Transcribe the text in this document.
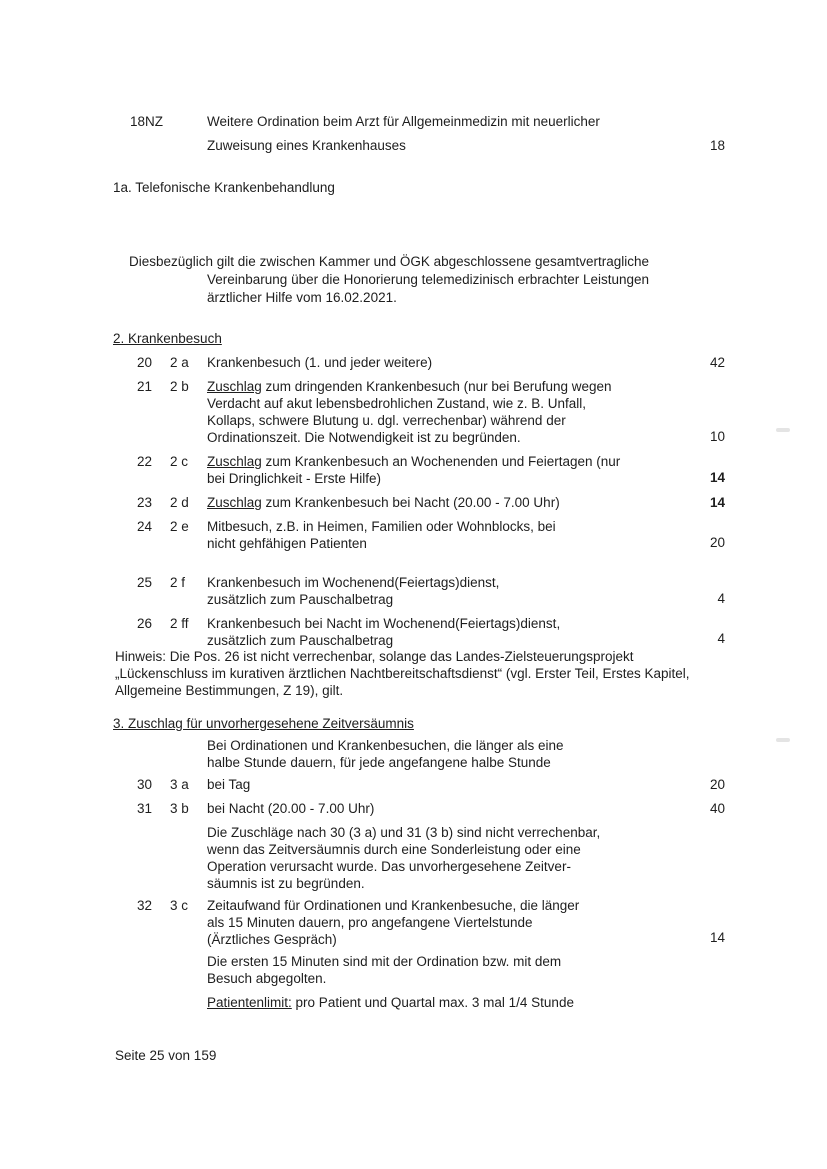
18NZ	Weitere Ordination beim Arzt für Allgemeinmedizin mit neuerlicher
Zuweisung eines Krankenhauses	18
1a. Telefonische Krankenbehandlung
Diesbezüglich gilt die zwischen Kammer und ÖGK abgeschlossene gesamtvertragliche
Vereinbarung über die Honorierung telemedizinisch erbrachter Leistungen
ärztlicher Hilfe vom 16.02.2021.
2. Krankenbesuch
20 2 a Krankenbesuch (1. und jeder weitere)	42
21 2 b Zuschlag zum dringenden Krankenbesuch (nur bei Berufung wegen
Verdacht auf akut lebensbedrohlichen Zustand, wie z. B. Unfall,
Kollaps, schwere Blutung u. dgl. verrechenbar) während der
Ordinationszeit. Die Notwendigkeit ist zu begründen.	10
22 2 c Zuschlag zum Krankenbesuch an Wochenenden und Feiertagen (nur
bei Dringlichkeit - Erste Hilfe)	14
23 2 d Zuschlag zum Krankenbesuch bei Nacht (20.00 - 7.00 Uhr)	14
24 2 e Mitbesuch, z.B. in Heimen, Familien oder Wohnblocks, bei
nicht gehfähigen Patienten	20
25 2 f Krankenbesuch im Wochenend(Feiertags)dienst,
zusätzlich zum Pauschalbetrag	4
26 2 ff Krankenbesuch bei Nacht im Wochenend(Feiertags)dienst,
zusätzlich zum Pauschalbetrag	4
Hinweis: Die Pos. 26 ist nicht verrechenbar, solange das Landes-Zielsteuerungsprojekt
„Lückenschluss im kurativen ärztlichen Nachtbereitschaftsdienst“ (vgl. Erster Teil, Erstes Kapitel,
Allgemeine Bestimmungen, Z 19), gilt.
3. Zuschlag für unvorhergesehene Zeitversäumnis
Bei Ordinationen und Krankenbesuchen, die länger als eine
halbe Stunde dauern, für jede angefangene halbe Stunde
30 3 a bei Tag	20
31 3 b bei Nacht (20.00 - 7.00 Uhr)	40
Die Zuschläge nach 30 (3 a) und 31 (3 b) sind nicht verrechenbar,
wenn das Zeitversäumnis durch eine Sonderleistung oder eine
Operation verursacht wurde. Das unvorhergesehene Zeitver-
säumnis ist zu begründen.
32 3 c Zeitaufwand für Ordinationen und Krankenbesuche, die länger
als 15 Minuten dauern, pro angefangene Viertelstunde
(Ärztliches Gespräch)	14
Die ersten 15 Minuten sind mit der Ordination bzw. mit dem
Besuch abgegolten.
Patientenlimit: pro Patient und Quartal max. 3 mal 1/4 Stunde
Seite 25 von 159
